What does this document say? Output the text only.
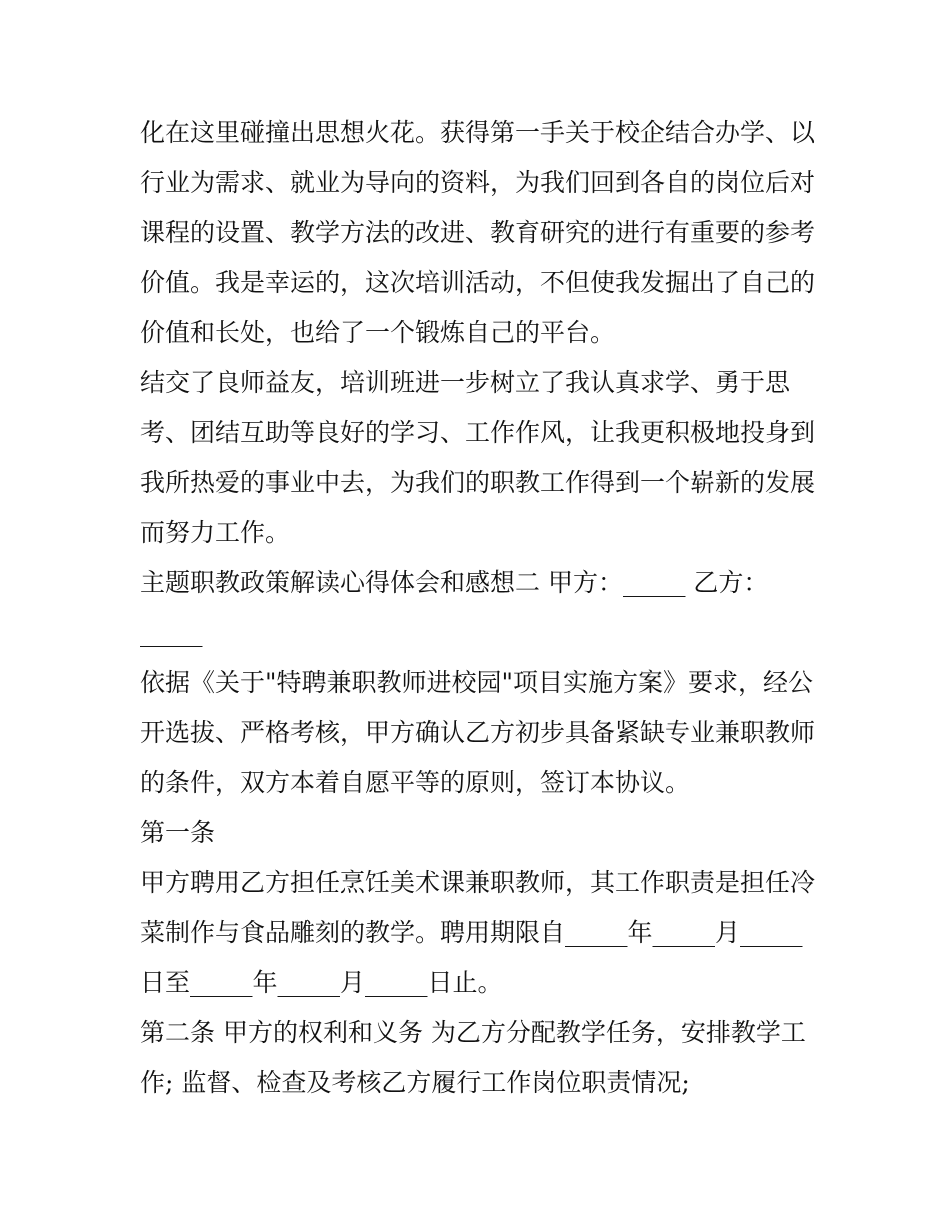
化在这里碰撞出思想火花。获得第一手关于校企结合办学、以
行业为需求、就业为导向的资料，为我们回到各自的岗位后对
课程的设置、教学方法的改进、教育研究的进行有重要的参考
价值。我是幸运的，这次培训活动，不但使我发掘出了自己的
价值和长处，也给了一个锻炼自己的平台。
结交了良师益友，培训班进一步树立了我认真求学、勇于思
考、团结互助等良好的学习、工作作风，让我更积极地投身到
我所热爱的事业中去，为我们的职教工作得到一个崭新的发展
而努力工作。
主题职教政策解读心得体会和感想二 甲方：_____ 乙方：
_____
依据《关于"特聘兼职教师进校园"项目实施方案》要求，经公
开选拔、严格考核，甲方确认乙方初步具备紧缺专业兼职教师
的条件，双方本着自愿平等的原则，签订本协议。
第一条
甲方聘用乙方担任烹饪美术课兼职教师，其工作职责是担任冷
菜制作与食品雕刻的教学。聘用期限自_____年_____月_____
日至_____年_____月_____日止。
第二条 甲方的权利和义务 为乙方分配教学任务，安排教学工
作; 监督、检查及考核乙方履行工作岗位职责情况;
